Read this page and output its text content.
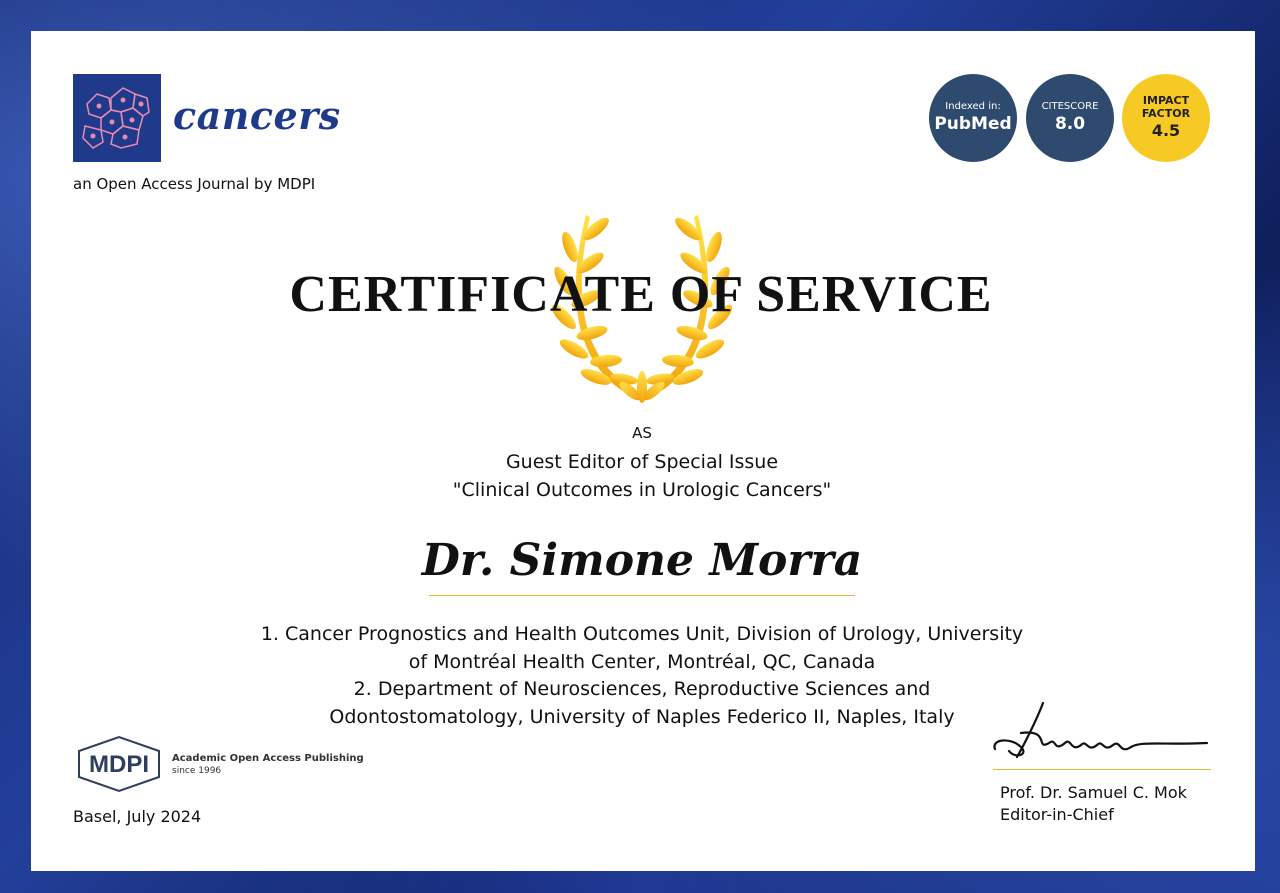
cancers
an Open Access Journal by MDPI
Indexed in:
PubMed
CITESCORE
8.0
IMPACT
FACTOR
4.5
CERTIFICATE OF SERVICE
AS
Guest Editor of Special Issue
"Clinical Outcomes in Urologic Cancers"
Dr. Simone Morra
1. Cancer Prognostics and Health Outcomes Unit, Division of Urology, University
of Montréal Health Center, Montréal, QC, Canada
2. Department of Neurosciences, Reproductive Sciences and
Odontostomatology, University of Naples Federico II, Naples, Italy
MDPI Academic Open Access Publishing
since 1996
Basel, July 2024
Prof. Dr. Samuel C. Mok
Editor-in-Chief
